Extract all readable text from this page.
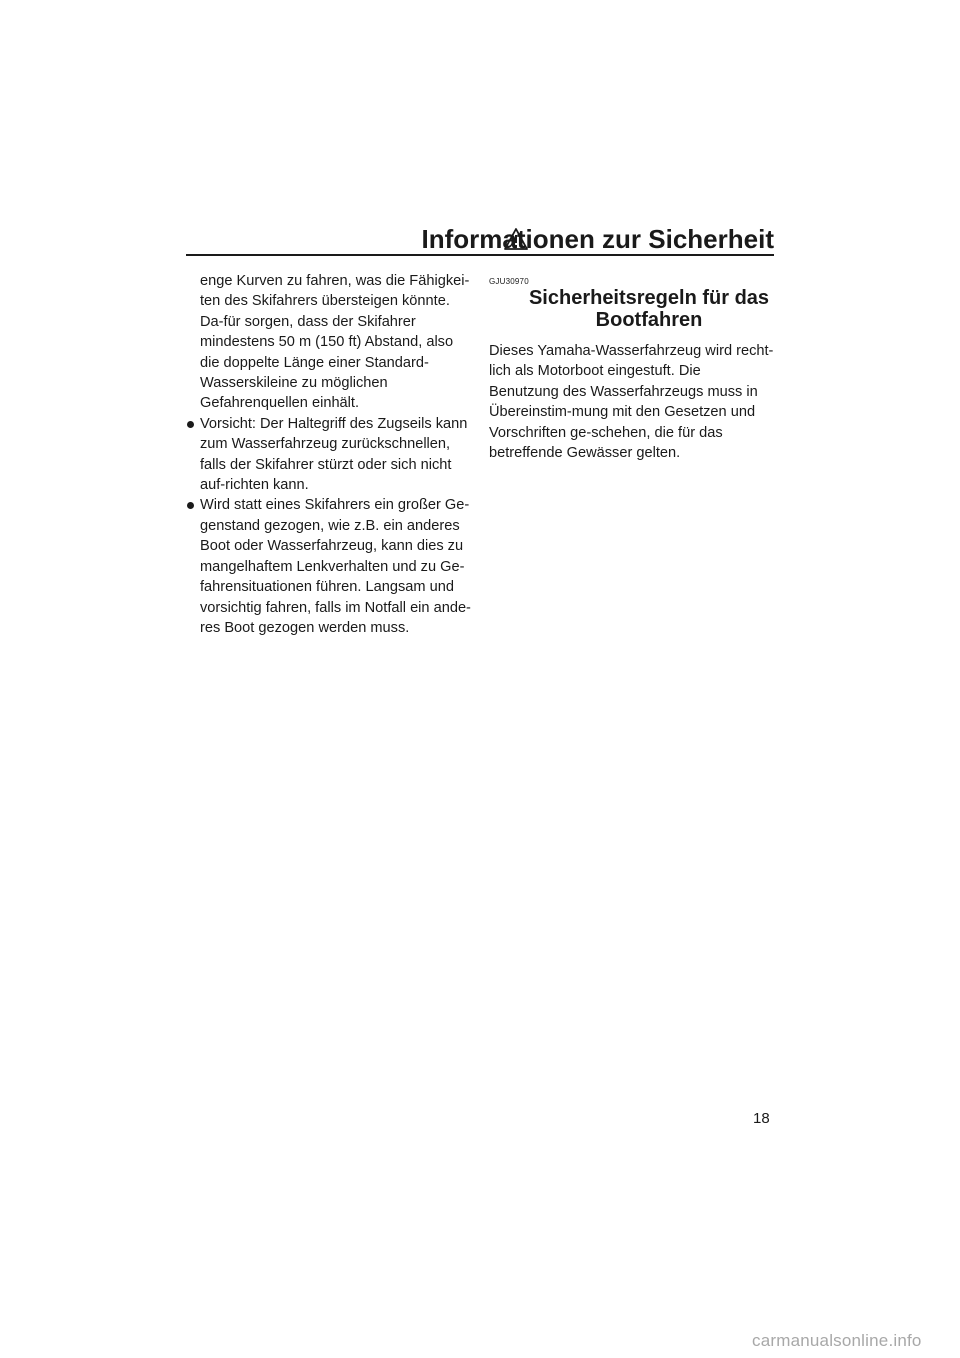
Informationen zur Sicherheit
enge Kurven zu fahren, was die Fähigkei-ten des Skifahrers übersteigen könnte. Da-für sorgen, dass der Skifahrer mindestens 50 m (150 ft) Abstand, also die doppelte Länge einer Standard-Wasserskileine zu möglichen Gefahrenquellen einhält.
Vorsicht: Der Haltegriff des Zugseils kann zum Wasserfahrzeug zurückschnellen, falls der Skifahrer stürzt oder sich nicht auf-richten kann.
Wird statt eines Skifahrers ein großer Ge-genstand gezogen, wie z.B. ein anderes Boot oder Wasserfahrzeug, kann dies zu mangelhaftem Lenkverhalten und zu Ge-fahrensituationen führen. Langsam und vorsichtig fahren, falls im Notfall ein ande-res Boot gezogen werden muss.
GJU30970
Sicherheitsregeln für das Bootfahren
Dieses Yamaha-Wasserfahrzeug wird recht-lich als Motorboot eingestuft. Die Benutzung des Wasserfahrzeugs muss in Übereinstim-mung mit den Gesetzen und Vorschriften ge-schehen, die für das betreffende Gewässer gelten.
18
carmanualsonline.info
